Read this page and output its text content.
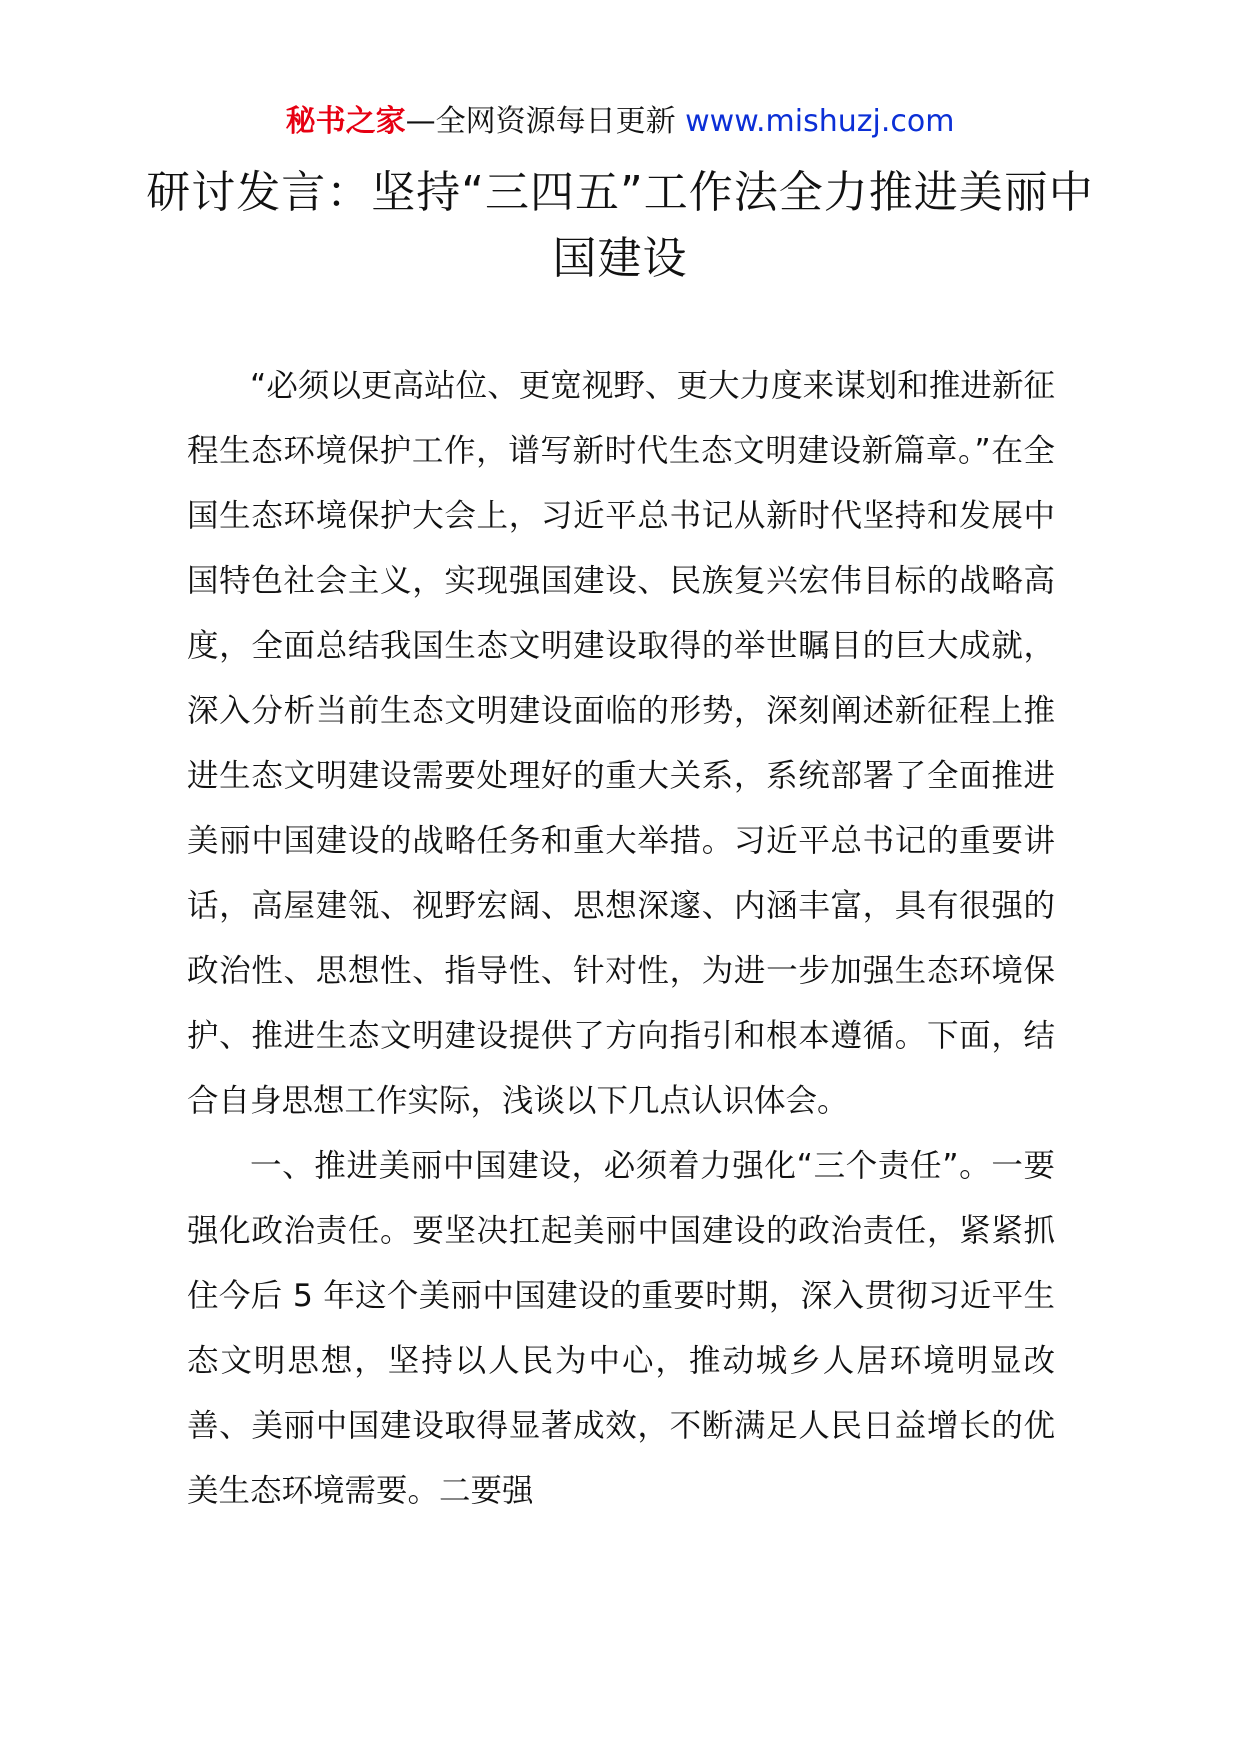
秘书之家—全网资源每日更新 www.mishuzj.com
研讨发言：坚持“三四五”工作法全力推进美丽中国建设

“必须以更高站位、更宽视野、更大力度来谋划和推进新征程生态环境保护工作，谱写新时代生态文明建设新篇章。”在全国生态环境保护大会上，习近平总书记从新时代坚持和发展中国特色社会主义，实现强国建设、民族复兴宏伟目标的战略高度，全面总结我国生态文明建设取得的举世瞩目的巨大成就，深入分析当前生态文明建设面临的形势，深刻阐述新征程上推进生态文明建设需要处理好的重大关系，系统部署了全面推进美丽中国建设的战略任务和重大举措。习近平总书记的重要讲话，高屋建瓴、视野宏阔、思想深邃、内涵丰富，具有很强的政治性、思想性、指导性、针对性，为进一步加强生态环境保护、推进生态文明建设提供了方向指引和根本遵循。下面，结合自身思想工作实际，浅谈以下几点认识体会。

一、推进美丽中国建设，必须着力强化“三个责任”。一要强化政治责任。要坚决扛起美丽中国建设的政治责任，紧紧抓住今后 5 年这个美丽中国建设的重要时期，深入贯彻习近平生态文明思想，坚持以人民为中心，推动城乡人居环境明显改善、美丽中国建设取得显著成效，不断满足人民日益增长的优美生态环境需要。二要强
